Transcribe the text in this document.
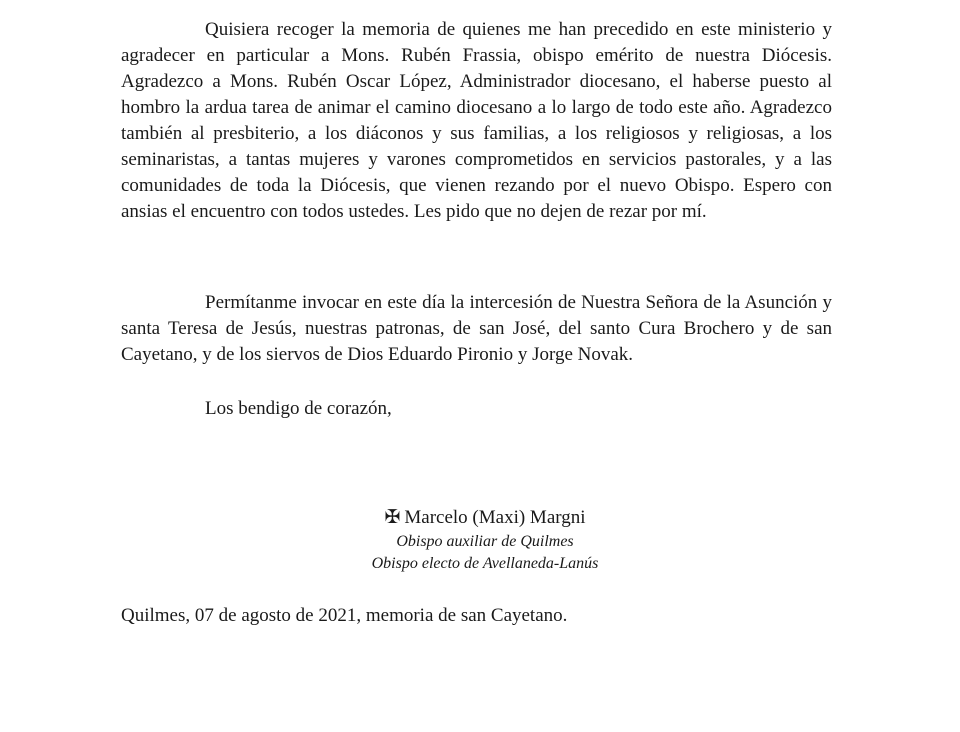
Quisiera recoger la memoria de quienes me han precedido en este ministerio y agradecer en particular a Mons. Rubén Frassia, obispo emérito de nuestra Diócesis. Agradezco a Mons. Rubén Oscar López, Administrador diocesano, el haberse puesto al hombro la ardua tarea de animar el camino diocesano a lo largo de todo este año. Agradezco también al presbiterio, a los diáconos y sus familias, a los religiosos y religiosas, a los seminaristas, a tantas mujeres y varones comprometidos en servicios pastorales, y a las comunidades de toda la Diócesis, que vienen rezando por el nuevo Obispo. Espero con ansias el encuentro con todos ustedes. Les pido que no dejen de rezar por mí.

Permítanme invocar en este día la intercesión de Nuestra Señora de la Asunción y santa Teresa de Jesús, nuestras patronas, de san José, del santo Cura Brochero y de san Cayetano, y de los siervos de Dios Eduardo Pironio y Jorge Novak.

Los bendigo de corazón,

✠ Marcelo (Maxi) Margni
Obispo auxiliar de Quilmes
Obispo electo de Avellaneda-Lanús

Quilmes, 07 de agosto de 2021, memoria de san Cayetano.
